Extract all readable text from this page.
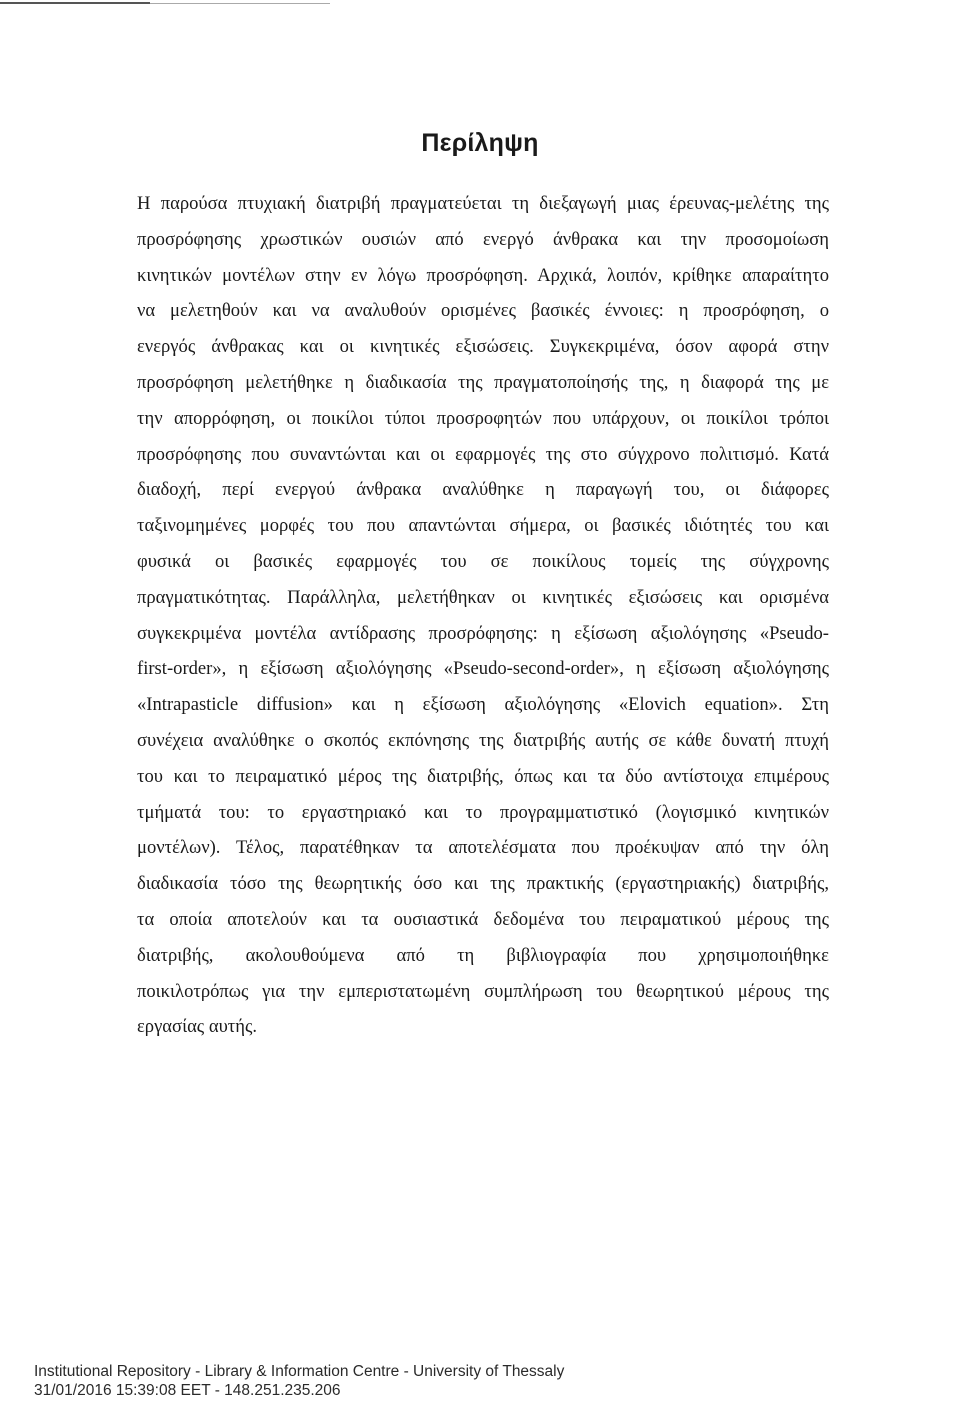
Περίληψη
Η παρούσα πτυχιακή διατριβή πραγματεύεται τη διεξαγωγή μιας έρευνας-μελέτης της
προσρόφησης χρωστικών ουσιών από ενεργό άνθρακα και την προσομοίωση
κινητικών μοντέλων στην εν λόγω προσρόφηση. Αρχικά, λοιπόν, κρίθηκε απαραίτητο
να μελετηθούν και να αναλυθούν ορισμένες βασικές έννοιες: η προσρόφηση, ο
ενεργός άνθρακας και οι κινητικές εξισώσεις. Συγκεκριμένα, όσον αφορά στην
προσρόφηση μελετήθηκε η διαδικασία της πραγματοποίησής της, η διαφορά της με
την απορρόφηση, οι ποικίλοι τύποι προσροφητών που υπάρχουν, οι ποικίλοι τρόποι
προσρόφησης που συναντώνται και οι εφαρμογές της στο σύγχρονο πολιτισμό. Κατά
διαδοχή, περί ενεργού άνθρακα αναλύθηκε η παραγωγή του, οι διάφορες
ταξινομημένες μορφές του που απαντώνται σήμερα, οι βασικές ιδιότητές του και
φυσικά οι βασικές εφαρμογές του σε ποικίλους τομείς της σύγχρονης
πραγματικότητας. Παράλληλα, μελετήθηκαν οι κινητικές εξισώσεις και ορισμένα
συγκεκριμένα μοντέλα αντίδρασης προσρόφησης: η εξίσωση αξιολόγησης «Pseudo-
first-order», η εξίσωση αξιολόγησης «Pseudo-second-order», η εξίσωση αξιολόγησης
«Intrapasticle diffusion» και η εξίσωση αξιολόγησης «Elovich equation». Στη
συνέχεια αναλύθηκε ο σκοπός εκπόνησης της διατριβής αυτής σε κάθε δυνατή πτυχή
του και το πειραματικό μέρος της διατριβής, όπως και τα δύο αντίστοιχα επιμέρους
τμήματά του: το εργαστηριακό και το προγραμματιστικό (λογισμικό κινητικών
μοντέλων). Τέλος, παρατέθηκαν τα αποτελέσματα που προέκυψαν από την όλη
διαδικασία τόσο της θεωρητικής όσο και της πρακτικής (εργαστηριακής) διατριβής,
τα οποία αποτελούν και τα ουσιαστικά δεδομένα του πειραματικού μέρους της
διατριβής, ακολουθούμενα από τη βιβλιογραφία που χρησιμοποιήθηκε
ποικιλοτρόπως για την εμπεριστατωμένη συμπλήρωση του θεωρητικού μέρους της
εργασίας αυτής.
Institutional Repository - Library & Information Centre - University of Thessaly
31/01/2016 15:39:08 EET - 148.251.235.206
